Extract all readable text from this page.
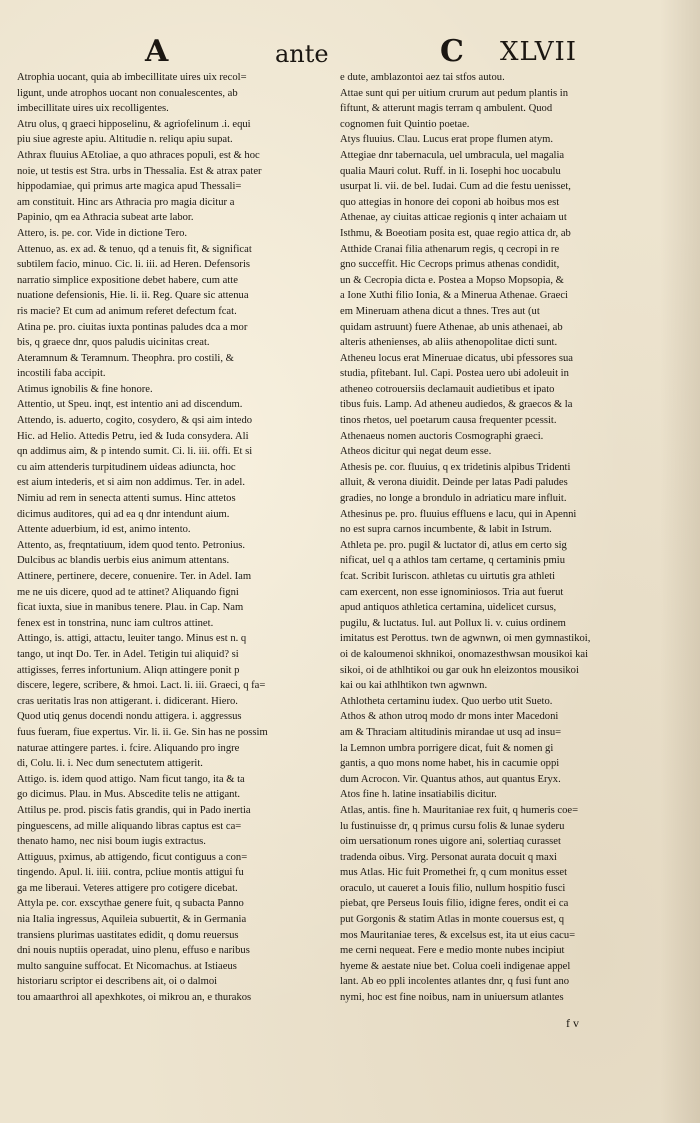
A	ante	C XLVII
Atrophia uocant, quia ab imbecillitate uires uix recol=
ligunt, unde atrophos uocant non conualescentes, ab
imbecillitate uires uix recolligentes.
Atru olus, q graeci hipposelinu, & agriofelinum .i. equi
piu siue agreste apiu. Altitudie n. reliqu apiu supat.
Athrax fluuius AEtoliae, a quo athraces populi, est & hoc
noie, ut testis est Stra. urbs in Thessalia. Est & atrax pater
hippodamiae, qui primus arte magica apud Thessali=
am constituit. Hinc ars Athracia pro magia dicitur a
Papinio, qm ea Athracia subeat arte labor.
Attero, is. pe. cor. Vide in dictione Tero.
Attenuo, as. ex ad. & tenuo, qd a tenuis fit, & significat
subtilem facio, minuo. Cic. li. iii. ad Heren. Defensoris
narratio simplice expositione debet habere, cum atte
nuatione defensionis, Hie. li. ii. Reg. Quare sic attenua
ris macie? Et cum ad animum referet defectum fcat.
Atina pe. pro. ciuitas iuxta pontinas paludes dca a mor
bis, q graece dnr, quos paludis uicinitas creat.
Ateramnum & Teramnum. Theophra. pro costili, &
incostili faba accipit.
Atimus ignobilis & fine honore.
Attentio, ut Speu. inqt, est intentio ani ad discendum.
Attendo, is. aduerto, cogito, cosydero, & qsi aim intedo
Hic. ad Helio. Attedis Petru, ied & Iuda consydera. Ali
qn addimus aim, & p intendo sumit. Ci. li. iii. offi. Et si
cu aim attenderis turpitudinem uideas adiuncta, hoc
est aium intederis, et si aim non addimus. Ter. in adel.
Nimiu ad rem in senecta attenti sumus. Hinc attetos
dicimus auditores, qui ad ea q dnr intendunt aium.
Attente aduerbium, id est, animo intento.
Attento, as, freqntatiuum, idem quod tento. Petronius.
Dulcibus ac blandis uerbis eius animum attentans.
Attinere, pertinere, decere, conuenire. Ter. in Adel. Iam
me ne uis dicere, quod ad te attinet? Aliquando figni
ficat iuxta, siue in manibus tenere. Plau. in Cap. Nam
fenex est in tonstrina, nunc iam cultros attinet.
Attingo, is. attigi, attactu, leuiter tango. Minus est n. q
tango, ut inqt Do. Ter. in Adel. Tetigin tui aliquid? si
attigisses, ferres infortunium. Aliqn attingere ponit p
discere, legere, scribere, & hmoi. Lact. li. iii. Graeci, q fa=
cras ueritatis lras non attigerant. i. didicerant. Hiero.
Quod utiq genus docendi nondu attigera. i. aggressus
fuus fueram, fiue expertus. Vir. li. ii. Ge. Sin has ne possim
naturae attingere partes. i. fcire. Aliquando pro ingre
di, Colu. li. i. Nec dum senectutem attigerit.
Attigo. is. idem quod attigo. Nam ficut tango, ita & ta
go dicimus. Plau. in Mus. Abscedite telis ne attigant.
Attilus pe. prod. piscis fatis grandis, qui in Pado inertia
pinguescens, ad mille aliquando libras captus est ca=
thenato hamo, nec nisi boum iugis extractus.
Attiguus, pximus, ab attigendo, ficut contiguus a con=
tingendo. Apul. li. iiii. contra, pcliue montis attigui fu
ga me liberaui. Veteres attigere pro cotigere dicebat.
Attyla pe. cor. exscythae genere fuit, q subacta Panno
nia Italia ingressus, Aquileia subuertit, & in Germania
transiens plurimas uastitates edidit, q domu reuersus
dni nouis nuptiis operadat, uino plenu, effuso e naribus
multo sanguine suffocat. Et Nicomachus. at Istiaeus
historiaru scriptor ei describens ait, oi o dalmoi
tou amaarthroi all apexhkotes, oi mikrou an, e thurakos
e dute, amblazontoi aez tai stfos autou.
Attae sunt qui per uitium crurum aut pedum plantis in
fiftunt, & atterunt magis terram q ambulent. Quod
cognomen fuit Quintio poetae.
Atys fluuius. Clau. Lucus erat prope flumen atym.
Attegiae dnr tabernacula, uel umbracula, uel magalia
qualia Mauri colut. Ruff. in li. Iosephi hoc uocabulu
usurpat li. vii. de bel. Iudai. Cum ad die festu uenisset,
quo attegias in honore dei coponi ab hoibus mos est
Athenae, ay ciuitas atticae regionis q inter achaiam ut
Isthmu, & Boeotiam posita est, quae regio attica dr, ab
Atthide Cranai filia athenarum regis, q cecropi in re
gno succeffit. Hic Cecrops primus athenas condidit,
un & Cecropia dicta e. Postea a Mopso Mopsopia, &
a Ione Xuthi filio Ionia, & a Minerua Athenae. Graeci
em Mineruam athena dicut a thnes. Tres aut (ut
quidam astruunt) fuere Athenae, ab unis athenaei, ab
alteris athenienses, ab aliis athenopolitae dicti sunt.
Atheneu locus erat Mineruae dicatus, ubi pfessores sua
studia, pfitebant. Iul. Capi. Postea uero ubi adoleuit in
atheneo cotrouersiis declamauit audietibus et ipato
tibus fuis. Lamp. Ad atheneu audiedos, & graecos & la
tinos rhetos, uel poetarum causa frequenter pcessit.
Athenaeus nomen auctoris Cosmographi graeci.
Atheos dicitur qui negat deum esse.
Athesis pe. cor. fluuius, q ex tridetinis alpibus Tridenti
alluit, & verona diuidit. Deinde per latas Padi paludes
gradies, no longe a brondulo in adriaticu mare influit.
Athesinus pe. pro. fluuius effluens e lacu, qui in Apenni
no est supra carnos incumbente, & labit in Istrum.
Athleta pe. pro. pugil & luctator di, atlus em certo sig
nificat, uel q a athlos tam certame, q certaminis pmiu
fcat. Scribit Iuriscon. athletas cu uirtutis gra athleti
cam exercent, non esse ignominiosos. Tria aut fuerut
apud antiquos athletica certamina, uidelicet cursus,
pugilu, & luctatus. Iul. aut Pollux li. v. cuius ordinem
imitatus est Perottus. twn de agwnwn, oi men gymnastikoi,
oi de kaloumenoi skhnikoi, onomazesthwsan mousikoi kai
sikoi, oi de athlhtikoi ou gar ouk hn eleizontos mousikoi
kai ou kai athlhtikon twn agwnwn.
Athlotheta certaminu iudex. Quo uerbo utit Sueto.
Athos & athon utroq modo dr mons inter Macedoni
am & Thraciam altitudinis mirandae ut usq ad insu=
la Lemnon umbra porrigere dicat, fuit & nomen gi
gantis, a quo mons nome habet, his in cacumie oppi
dum Acrocon. Vir. Quantus athos, aut quantus Eryx.
Atos fine h. latine insatiabilis dicitur.
Atlas, antis. fine h. Mauritaniae rex fuit, q humeris coe=
lu fustinuisse dr, q primus cursu folis & lunae syderu
oim uersationum rones uigore ani, solertiaq curasset
tradenda oibus. Virg. Personat aurata docuit q maxi
mus Atlas. Hic fuit Promethei fr, q cum monitus esset
oraculo, ut caueret a Iouis filio, nullum hospitio fusci
piebat, qre Perseus Iouis filio, idigne feres, ondit ei ca
put Gorgonis & statim Atlas in monte couersus est, q
mos Mauritaniae teres, & excelsus est, ita ut eius cacu=
me cerni nequeat. Fere e medio monte nubes incipiut
hyeme & aestate niue bet. Colua coeli indigenae appel
lant. Ab eo ppli incolentes atlantes dnr, q fusi funt ano
nymi, hoc est fine noibus, nam in uniuersum atlantes
f v
